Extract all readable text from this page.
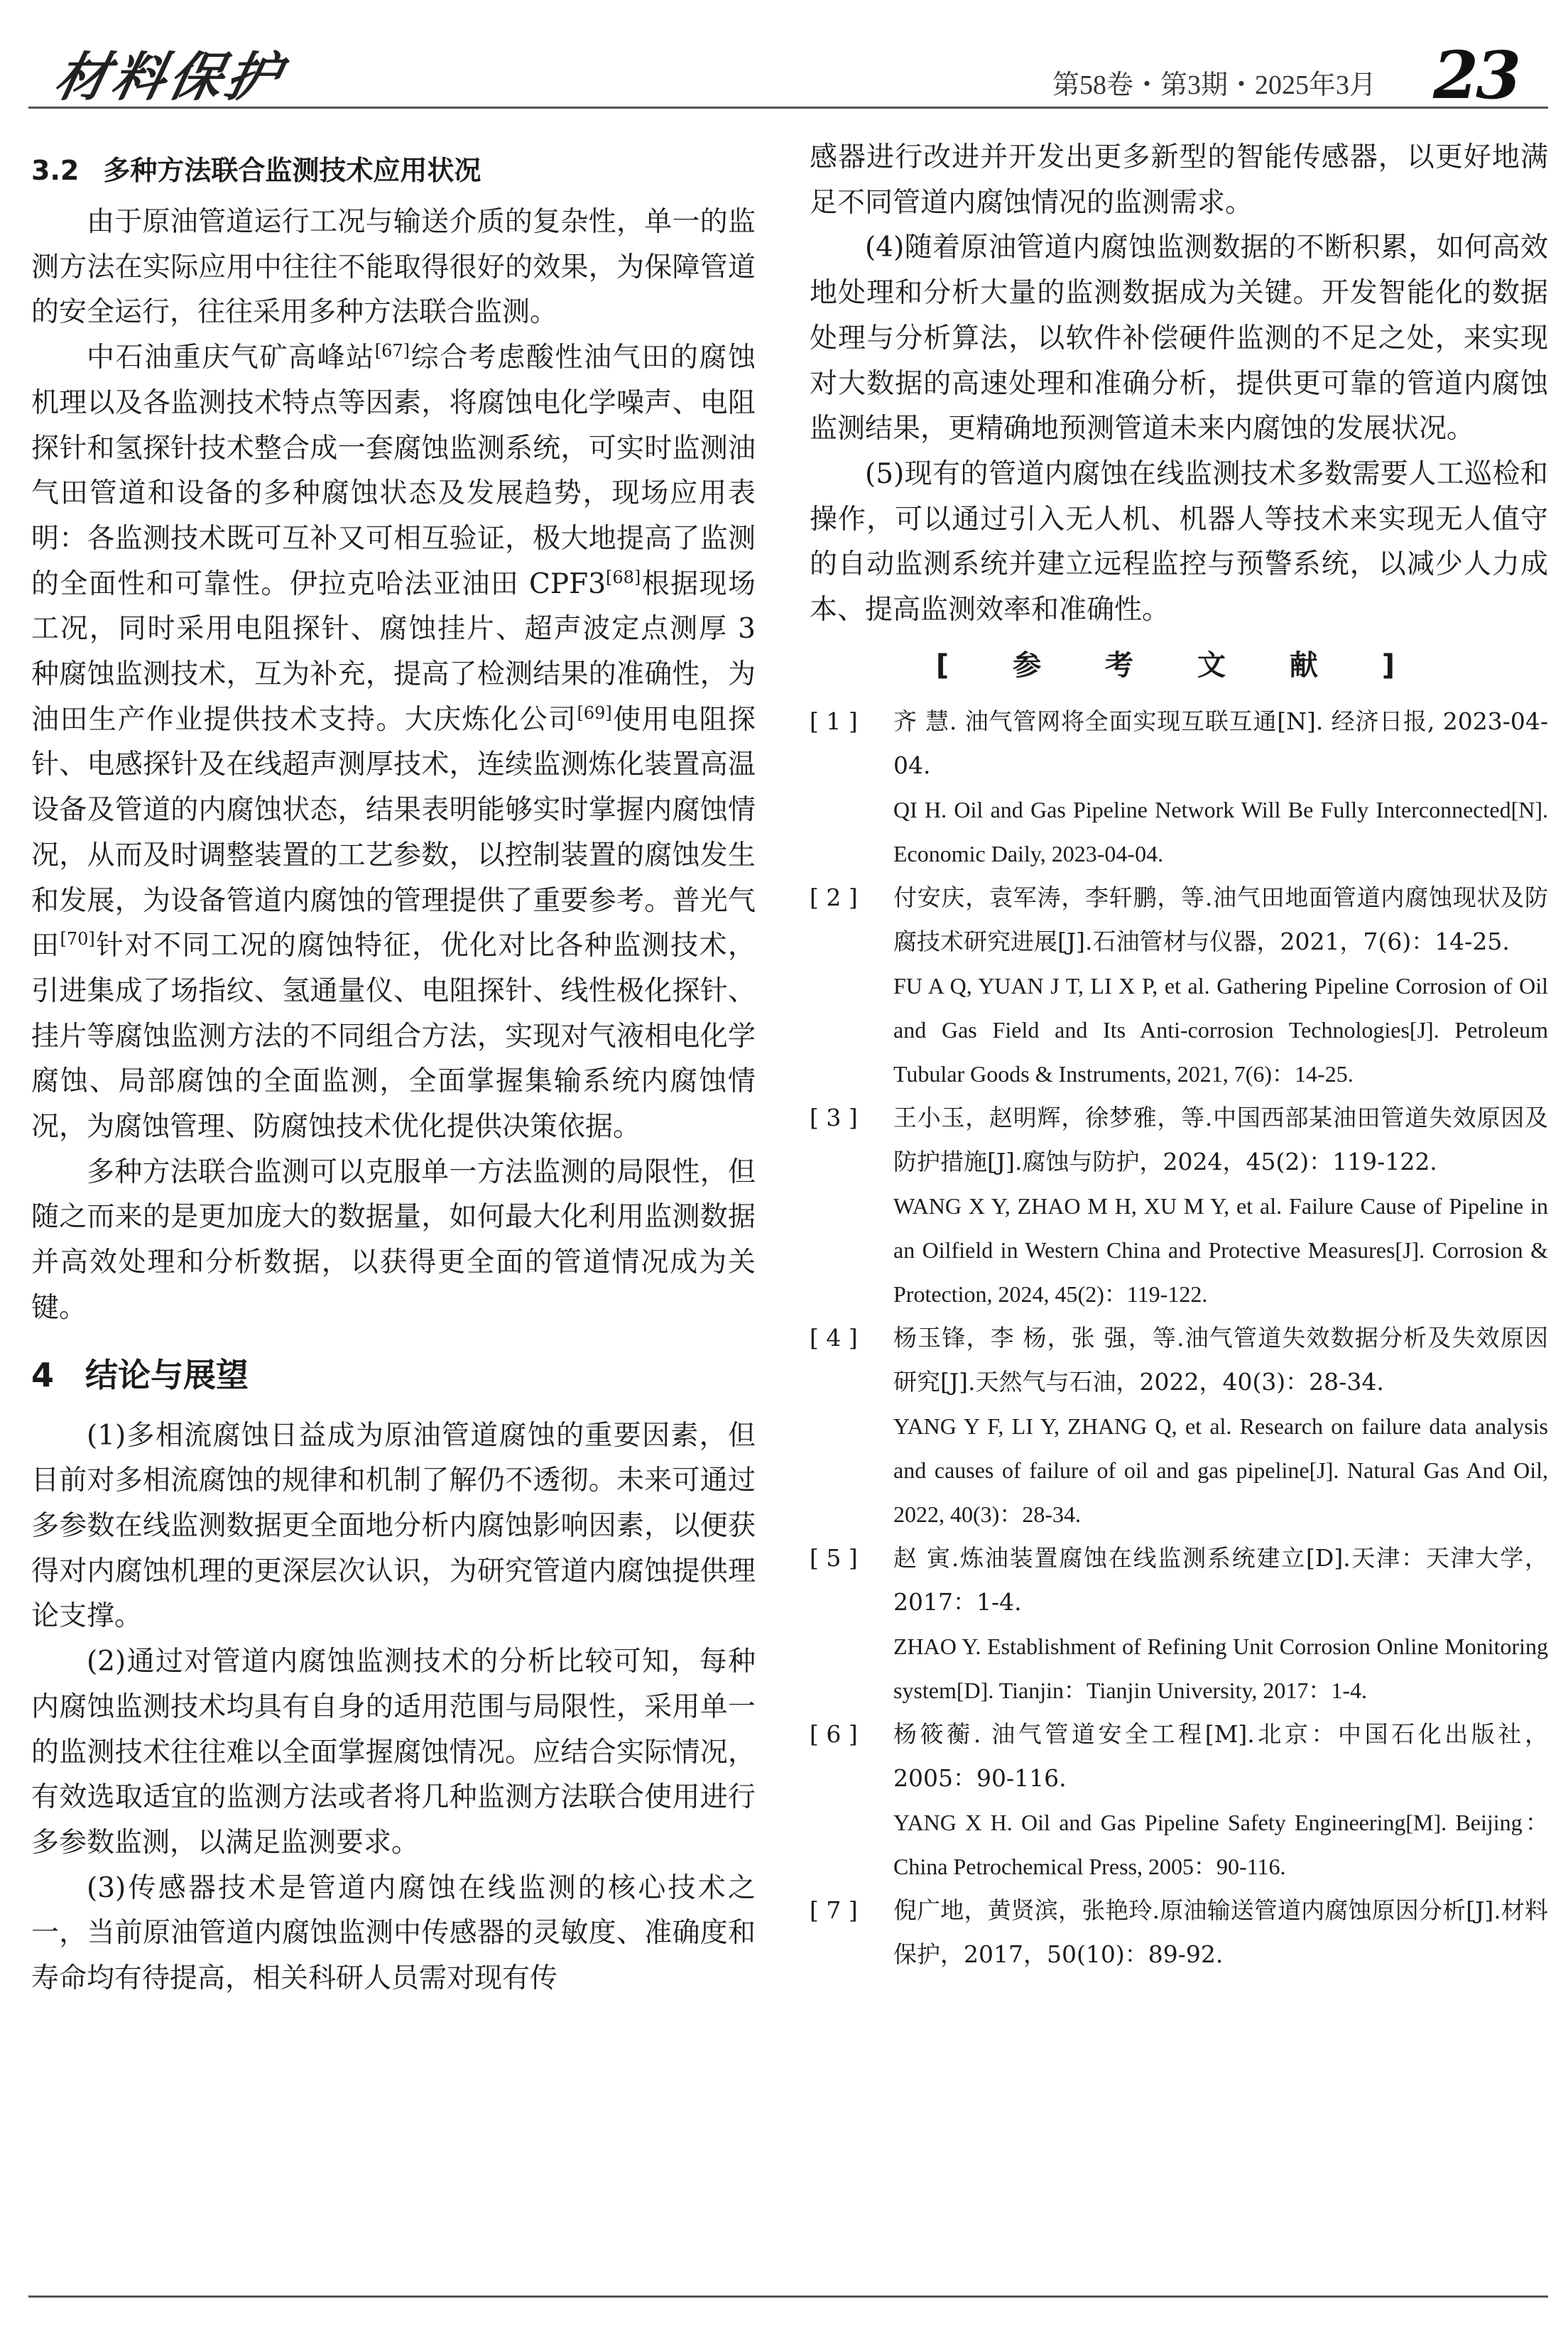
材料保护	第58卷・第3期・2025年3月 23
3.2 多种方法联合监测技术应用状况

由于原油管道运行工况与输送介质的复杂性，单一的监测方法在实际应用中往往不能取得很好的效果，为保障管道的安全运行，往往采用多种方法联合监测。

中石油重庆气矿高峰站[67]综合考虑酸性油气田的腐蚀机理以及各监测技术特点等因素，将腐蚀电化学噪声、电阻探针和氢探针技术整合成一套腐蚀监测系统，可实时监测油气田管道和设备的多种腐蚀状态及发展趋势，现场应用表明：各监测技术既可互补又可相互验证，极大地提高了监测的全面性和可靠性。伊拉克哈法亚油田 CPF3[68]根据现场工况，同时采用电阻探针、腐蚀挂片、超声波定点测厚 3 种腐蚀监测技术，互为补充，提高了检测结果的准确性，为油田生产作业提供技术支持。大庆炼化公司[69]使用电阻探针、电感探针及在线超声测厚技术，连续监测炼化装置高温设备及管道的内腐蚀状态，结果表明能够实时掌握内腐蚀情况，从而及时调整装置的工艺参数，以控制装置的腐蚀发生和发展，为设备管道内腐蚀的管理提供了重要参考。普光气田[70]针对不同工况的腐蚀特征，优化对比各种监测技术，引进集成了场指纹、氢通量仪、电阻探针、线性极化探针、挂片等腐蚀监测方法的不同组合方法，实现对气液相电化学腐蚀、局部腐蚀的全面监测，全面掌握集输系统内腐蚀情况，为腐蚀管理、防腐蚀技术优化提供决策依据。

多种方法联合监测可以克服单一方法监测的局限性，但随之而来的是更加庞大的数据量，如何最大化利用监测数据并高效处理和分析数据，以获得更全面的管道情况成为关键。

4 结论与展望

(1)多相流腐蚀日益成为原油管道腐蚀的重要因素，但目前对多相流腐蚀的规律和机制了解仍不透彻。未来可通过多参数在线监测数据更全面地分析内腐蚀影响因素，以便获得对内腐蚀机理的更深层次认识，为研究管道内腐蚀提供理论支撑。

(2)通过对管道内腐蚀监测技术的分析比较可知，每种内腐蚀监测技术均具有自身的适用范围与局限性，采用单一的监测技术往往难以全面掌握腐蚀情况。应结合实际情况，有效选取适宜的监测方法或者将几种监测方法联合使用进行多参数监测，以满足监测要求。

(3)传感器技术是管道内腐蚀在线监测的核心技术之一，当前原油管道内腐蚀监测中传感器的灵敏度、准确度和寿命均有待提高，相关科研人员需对现有传

感器进行改进并开发出更多新型的智能传感器，以更好地满足不同管道内腐蚀情况的监测需求。

(4)随着原油管道内腐蚀监测数据的不断积累，如何高效地处理和分析大量的监测数据成为关键。开发智能化的数据处理与分析算法，以软件补偿硬件监测的不足之处，来实现对大数据的高速处理和准确分析，提供更可靠的管道内腐蚀监测结果，更精确地预测管道未来内腐蚀的发展状况。

(5)现有的管道内腐蚀在线监测技术多数需要人工巡检和操作，可以通过引入无人机、机器人等技术来实现无人值守的自动监测系统并建立远程监控与预警系统，以减少人力成本、提高监测效率和准确性。

[ 参 考 文 献 ]
[ 1 ]	齐 慧. 油气管网将全面实现互联互通[N]. 经济日报, 2023-04-04.

QI H. Oil and Gas Pipeline Network Will Be Fully Interconnected[N]. Economic Daily, 2023-04-04.

[ 2 ]	付安庆，袁军涛，李轩鹏，等.油气田地面管道内腐蚀现状及防腐技术研究进展[J].石油管材与仪器，2021，7(6)：14-25.

FU A Q, YUAN J T, LI X P, et al. Gathering Pipeline Corrosion of Oil and Gas Field and Its Anti-corrosion Technologies[J]. Petroleum Tubular Goods & Instruments, 2021, 7(6)：14-25.

[ 3 ]	王小玉，赵明辉，徐梦雅，等.中国西部某油田管道失效原因及防护措施[J].腐蚀与防护，2024，45(2)：119-122.

WANG X Y, ZHAO M H, XU M Y, et al. Failure Cause of Pipeline in an Oilfield in Western China and Protective Measures[J]. Corrosion & Protection, 2024, 45(2)：119-122.

[ 4 ]	杨玉锋，李 杨，张 强，等.油气管道失效数据分析及失效原因研究[J].天然气与石油，2022，40(3)：28-34.

YANG Y F, LI Y, ZHANG Q, et al. Research on failure data analysis and causes of failure of oil and gas pipeline[J]. Natural Gas And Oil, 2022, 40(3)：28-34.

[ 5 ]	赵 寅.炼油装置腐蚀在线监测系统建立[D].天津：天津大学，2017：1-4.

ZHAO Y. Establishment of Refining Unit Corrosion Online Monitoring system[D]. Tianjin：Tianjin University, 2017：1-4.

[ 6 ]	杨筱蘅. 油气管道安全工程[M].北京：中国石化出版社，2005：90-116.

YANG X H. Oil and Gas Pipeline Safety Engineering[M]. Beijing：China Petrochemical Press, 2005：90-116.

[ 7 ]	倪广地，黄贤滨，张艳玲.原油输送管道内腐蚀原因分析[J].材料保护，2017，50(10)：89-92.
